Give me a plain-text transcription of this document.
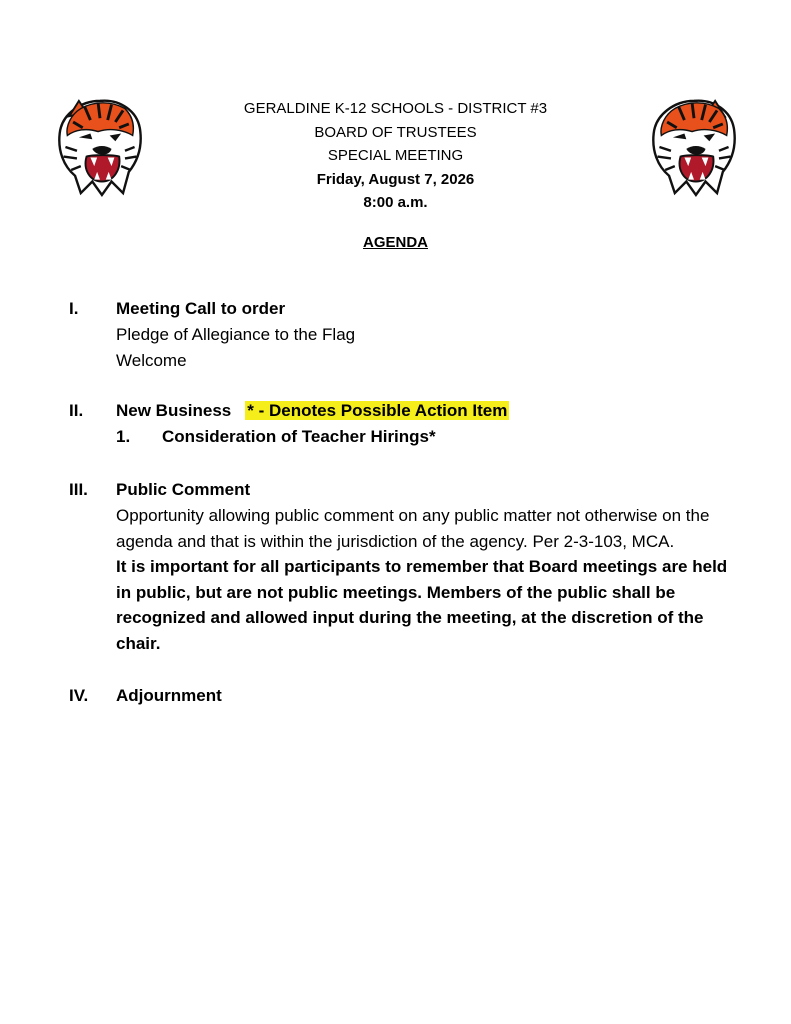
GERALDINE K-12 SCHOOLS - DISTRICT #3
BOARD OF TRUSTEES
SPECIAL MEETING
Friday, August 7, 2026
8:00 a.m.
AGENDA
I. Meeting Call to order
Pledge of Allegiance to the Flag
Welcome
II. New Business * - Denotes Possible Action Item
1. Consideration of Teacher Hirings*
III. Public Comment
Opportunity allowing public comment on any public matter not otherwise on the agenda and that is within the jurisdiction of the agency. Per 2-3-103, MCA.
It is important for all participants to remember that Board meetings are held in public, but are not public meetings. Members of the public shall be recognized and allowed input during the meeting, at the discretion of the chair.
IV. Adjournment
